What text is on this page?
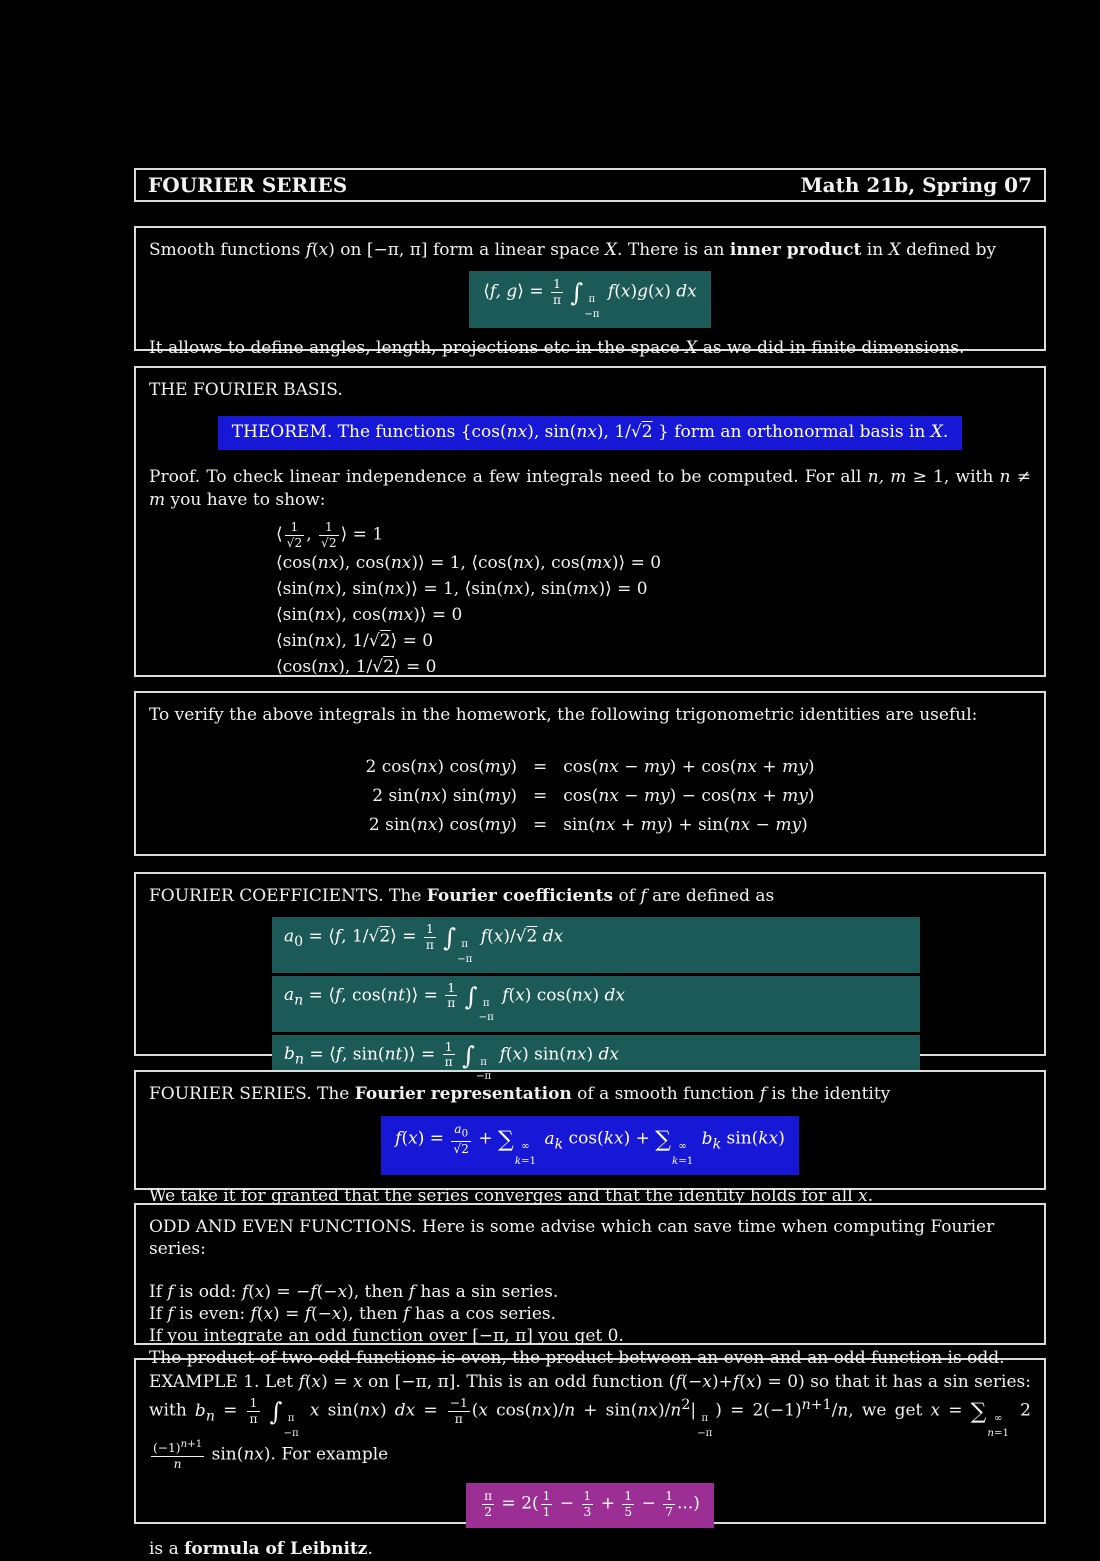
FOURIER SERIES	Math 21b, Spring 07

Smooth functions f(x) on [−π, π] form a linear space X. There is an inner product in X defined by

⟨f, g⟩ = $\frac{1}{\pi}$ ∫ π
−π
f(x)g(x) dx

It allows to define angles, length, projections etc in the space X as we did in finite dimensions.

THE FOURIER BASIS.

THEOREM. The functions {cos(nx), sin(nx), 1/√2 } form an orthonormal basis in X.

Proof. To check linear independence a few integrals need to be computed. For all n, m ≥ 1, with n ≠ m you have to show:

⟨ $\frac{1}{√2}$ , $\frac{1}{√2}$ ⟩ = 1
⟨cos(nx), cos(nx)⟩ = 1, ⟨cos(nx), cos(mx)⟩ = 0
⟨sin(nx), sin(nx)⟩ = 1, ⟨sin(nx), sin(mx)⟩ = 0
⟨sin(nx), cos(mx)⟩ = 0
⟨sin(nx), 1/√2⟩ = 0
⟨cos(nx), 1/√2⟩ = 0

To verify the above integrals in the homework, the following trigonometric identities are useful:

2 cos(nx) cos(my) = cos(nx − my) + cos(nx + my)
2 sin(nx) sin(my) = cos(nx − my) − cos(nx + my)
2 sin(nx) cos(my) = sin(nx + my) + sin(nx − my)

FOURIER COEFFICIENTS. The Fourier coefficients of f are defined as

$a_0$ = ⟨f, 1/√2⟩ = $\frac{1}{\pi}$ ∫ π
−π
f(x)/√2 dx
$a_n$ = ⟨f, cos(nt)⟩ = $\frac{1}{\pi}$ ∫ π
−π
f(x) cos(nx) dx
$b_n$ = ⟨f, sin(nt)⟩ = $\frac{1}{\pi}$ ∫ π
−π
f(x) sin(nx) dx

FOURIER SERIES. The Fourier representation of a smooth function f is the identity

$f(x) = \frac{a_0}{√2}$ + ∑ ∞
k=1
$a_k$ cos(kx) + ∑ ∞
k=1
$b_k$ sin(kx)

We take it for granted that the series converges and that the identity holds for all x.

ODD AND EVEN FUNCTIONS. Here is some advise which can save time when computing Fourier series:

If f is odd: f(x) = −f(−x), then f has a sin series.
If f is even: f(x) = f(−x), then f has a cos series.
If you integrate an odd function over [−π, π] you get 0.
The product of two odd functions is even, the product between an even and an odd function is odd.

EXAMPLE 1. Let f(x) = x on [−π, π]. This is an odd function (f(−x)+f(x) = 0) so that it has a sin series: with $b_n = \frac{1}{\pi}$ ∫ π
−π
x sin(nx) dx = $\frac{-1}{\pi} (x$ $\cos(nx)/n + \sin(nx)/n^2|$ π
−π
) = $2(-1)^{n+1}/n$, we get x = ∑ ∞
n=1
2
$\frac{(-1)^{n+1}}{n} \sin(nx)$. For example

$\frac{\pi}{2} = 2( \frac{1}{1} - \frac{1}{3} + \frac{1}{5} - \frac{1}{7}$ ...)

is a formula of Leibnitz.
